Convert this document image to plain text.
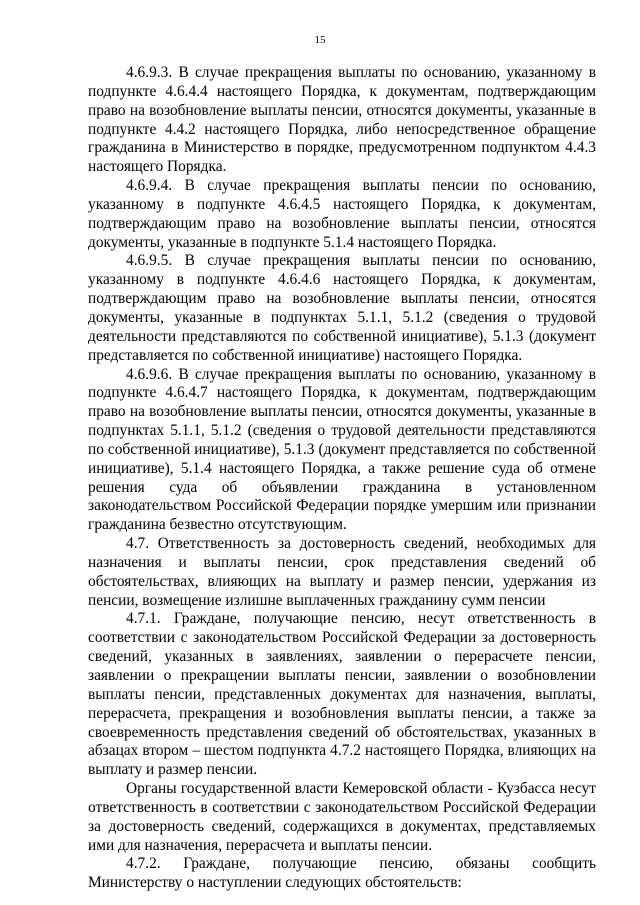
15

4.6.9.3. В случае прекращения выплаты по основанию, указанному в подпункте 4.6.4.4 настоящего Порядка, к документам, подтверждающим право на возобновление выплаты пенсии, относятся документы, указанные в подпункте 4.4.2 настоящего Порядка, либо непосредственное обращение гражданина в Министерство в порядке, предусмотренном подпунктом 4.4.3 настоящего Порядка.

4.6.9.4. В случае прекращения выплаты пенсии по основанию, указанному в подпункте 4.6.4.5 настоящего Порядка, к документам, подтверждающим право на возобновление выплаты пенсии, относятся документы, указанные в подпункте 5.1.4 настоящего Порядка.

4.6.9.5. В случае прекращения выплаты пенсии по основанию, указанному в подпункте 4.6.4.6 настоящего Порядка, к документам, подтверждающим право на возобновление выплаты пенсии, относятся документы, указанные в подпунктах 5.1.1, 5.1.2 (сведения о трудовой деятельности представляются по собственной инициативе), 5.1.3 (документ представляется по собственной инициативе) настоящего Порядка.

4.6.9.6. В случае прекращения выплаты по основанию, указанному в подпункте 4.6.4.7 настоящего Порядка, к документам, подтверждающим право на возобновление выплаты пенсии, относятся документы, указанные в подпунктах 5.1.1, 5.1.2 (сведения о трудовой деятельности представляются по собственной инициативе), 5.1.3 (документ представляется по собственной инициативе), 5.1.4 настоящего Порядка, а также решение суда об отмене решения суда об объявлении гражданина в установленном законодательством Российской Федерации порядке умершим или признании гражданина безвестно отсутствующим.

4.7. Ответственность за достоверность сведений, необходимых для назначения и выплаты пенсии, срок представления сведений об обстоятельствах, влияющих на выплату и размер пенсии, удержания из пенсии, возмещение излишне выплаченных гражданину сумм пенсии

4.7.1. Граждане, получающие пенсию, несут ответственность в соответствии с законодательством Российской Федерации за достоверность сведений, указанных в заявлениях, заявлении о перерасчете пенсии, заявлении о прекращении выплаты пенсии, заявлении о возобновлении выплаты пенсии, представленных документах для назначения, выплаты, перерасчета, прекращения и возобновления выплаты пенсии, а также за своевременность представления сведений об обстоятельствах, указанных в абзацах втором – шестом подпункта 4.7.2 настоящего Порядка, влияющих на выплату и размер пенсии.

Органы государственной власти Кемеровской области - Кузбасса несут ответственность в соответствии с законодательством Российской Федерации за достоверность сведений, содержащихся в документах, представляемых ими для назначения, перерасчета и выплаты пенсии.

4.7.2. Граждане, получающие пенсию, обязаны сообщить Министерству о наступлении следующих обстоятельств:
